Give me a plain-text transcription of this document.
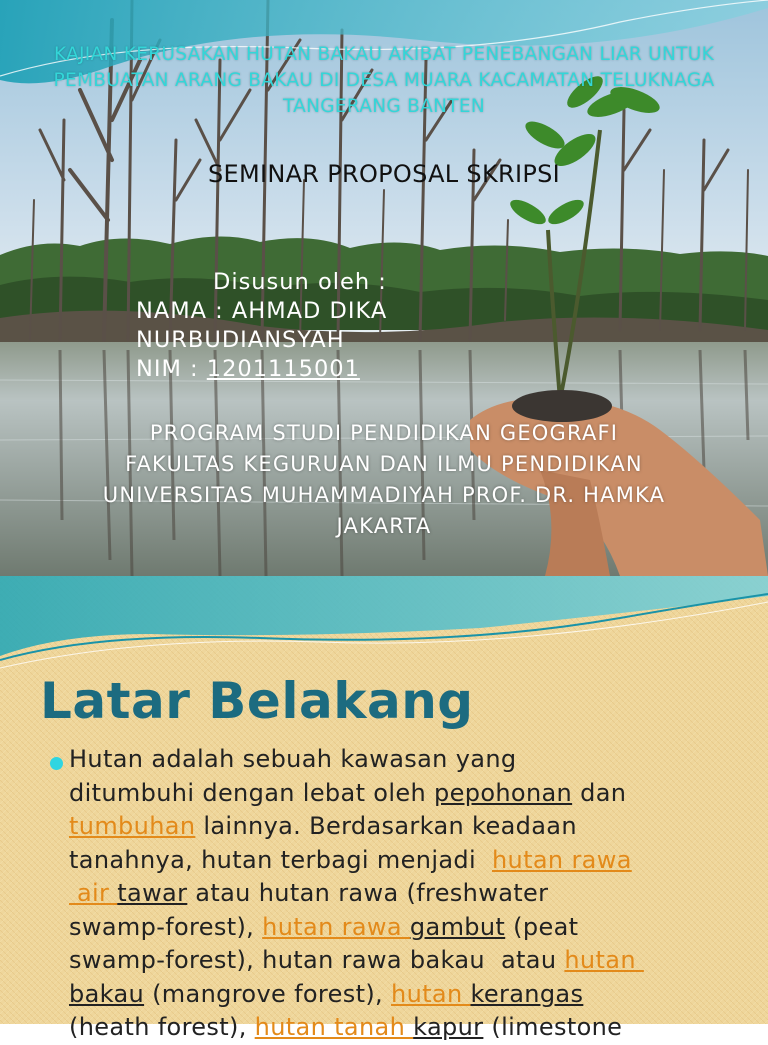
KAJIAN KERUSAKAN HUTAN BAKAU AKIBAT PENEBANGAN LIAR UNTUK PEMBUATAN ARANG BAKAU DI DESA MUARA KACAMATAN TELUKNAGA TANGERANG BANTEN
SEMINAR PROPOSAL SKRIPSI
Disusun oleh :
NAMA : AHMAD DIKA NURBUDIANSYAH
NIM : 1201115001
PROGRAM STUDI PENDIDIKAN GEOGRAFI
FAKULTAS KEGURUAN DAN ILMU PENDIDIKAN
UNIVERSITAS MUHAMMADIYAH PROF. DR. HAMKA
JAKARTA
Latar Belakang

Hutan adalah sebuah kawasan yang
ditumbuhi dengan lebat oleh pepohonan dan
tumbuhan lainnya. Berdasarkan keadaan
tanahnya, hutan terbagi menjadi  hutan rawa
air tawar atau hutan rawa (freshwater
swamp-forest), hutan rawa gambut (peat
swamp-forest), hutan rawa bakau  atau hutan
bakau (mangrove forest), hutan kerangas
(heath forest), hutan tanah kapur (limestone
